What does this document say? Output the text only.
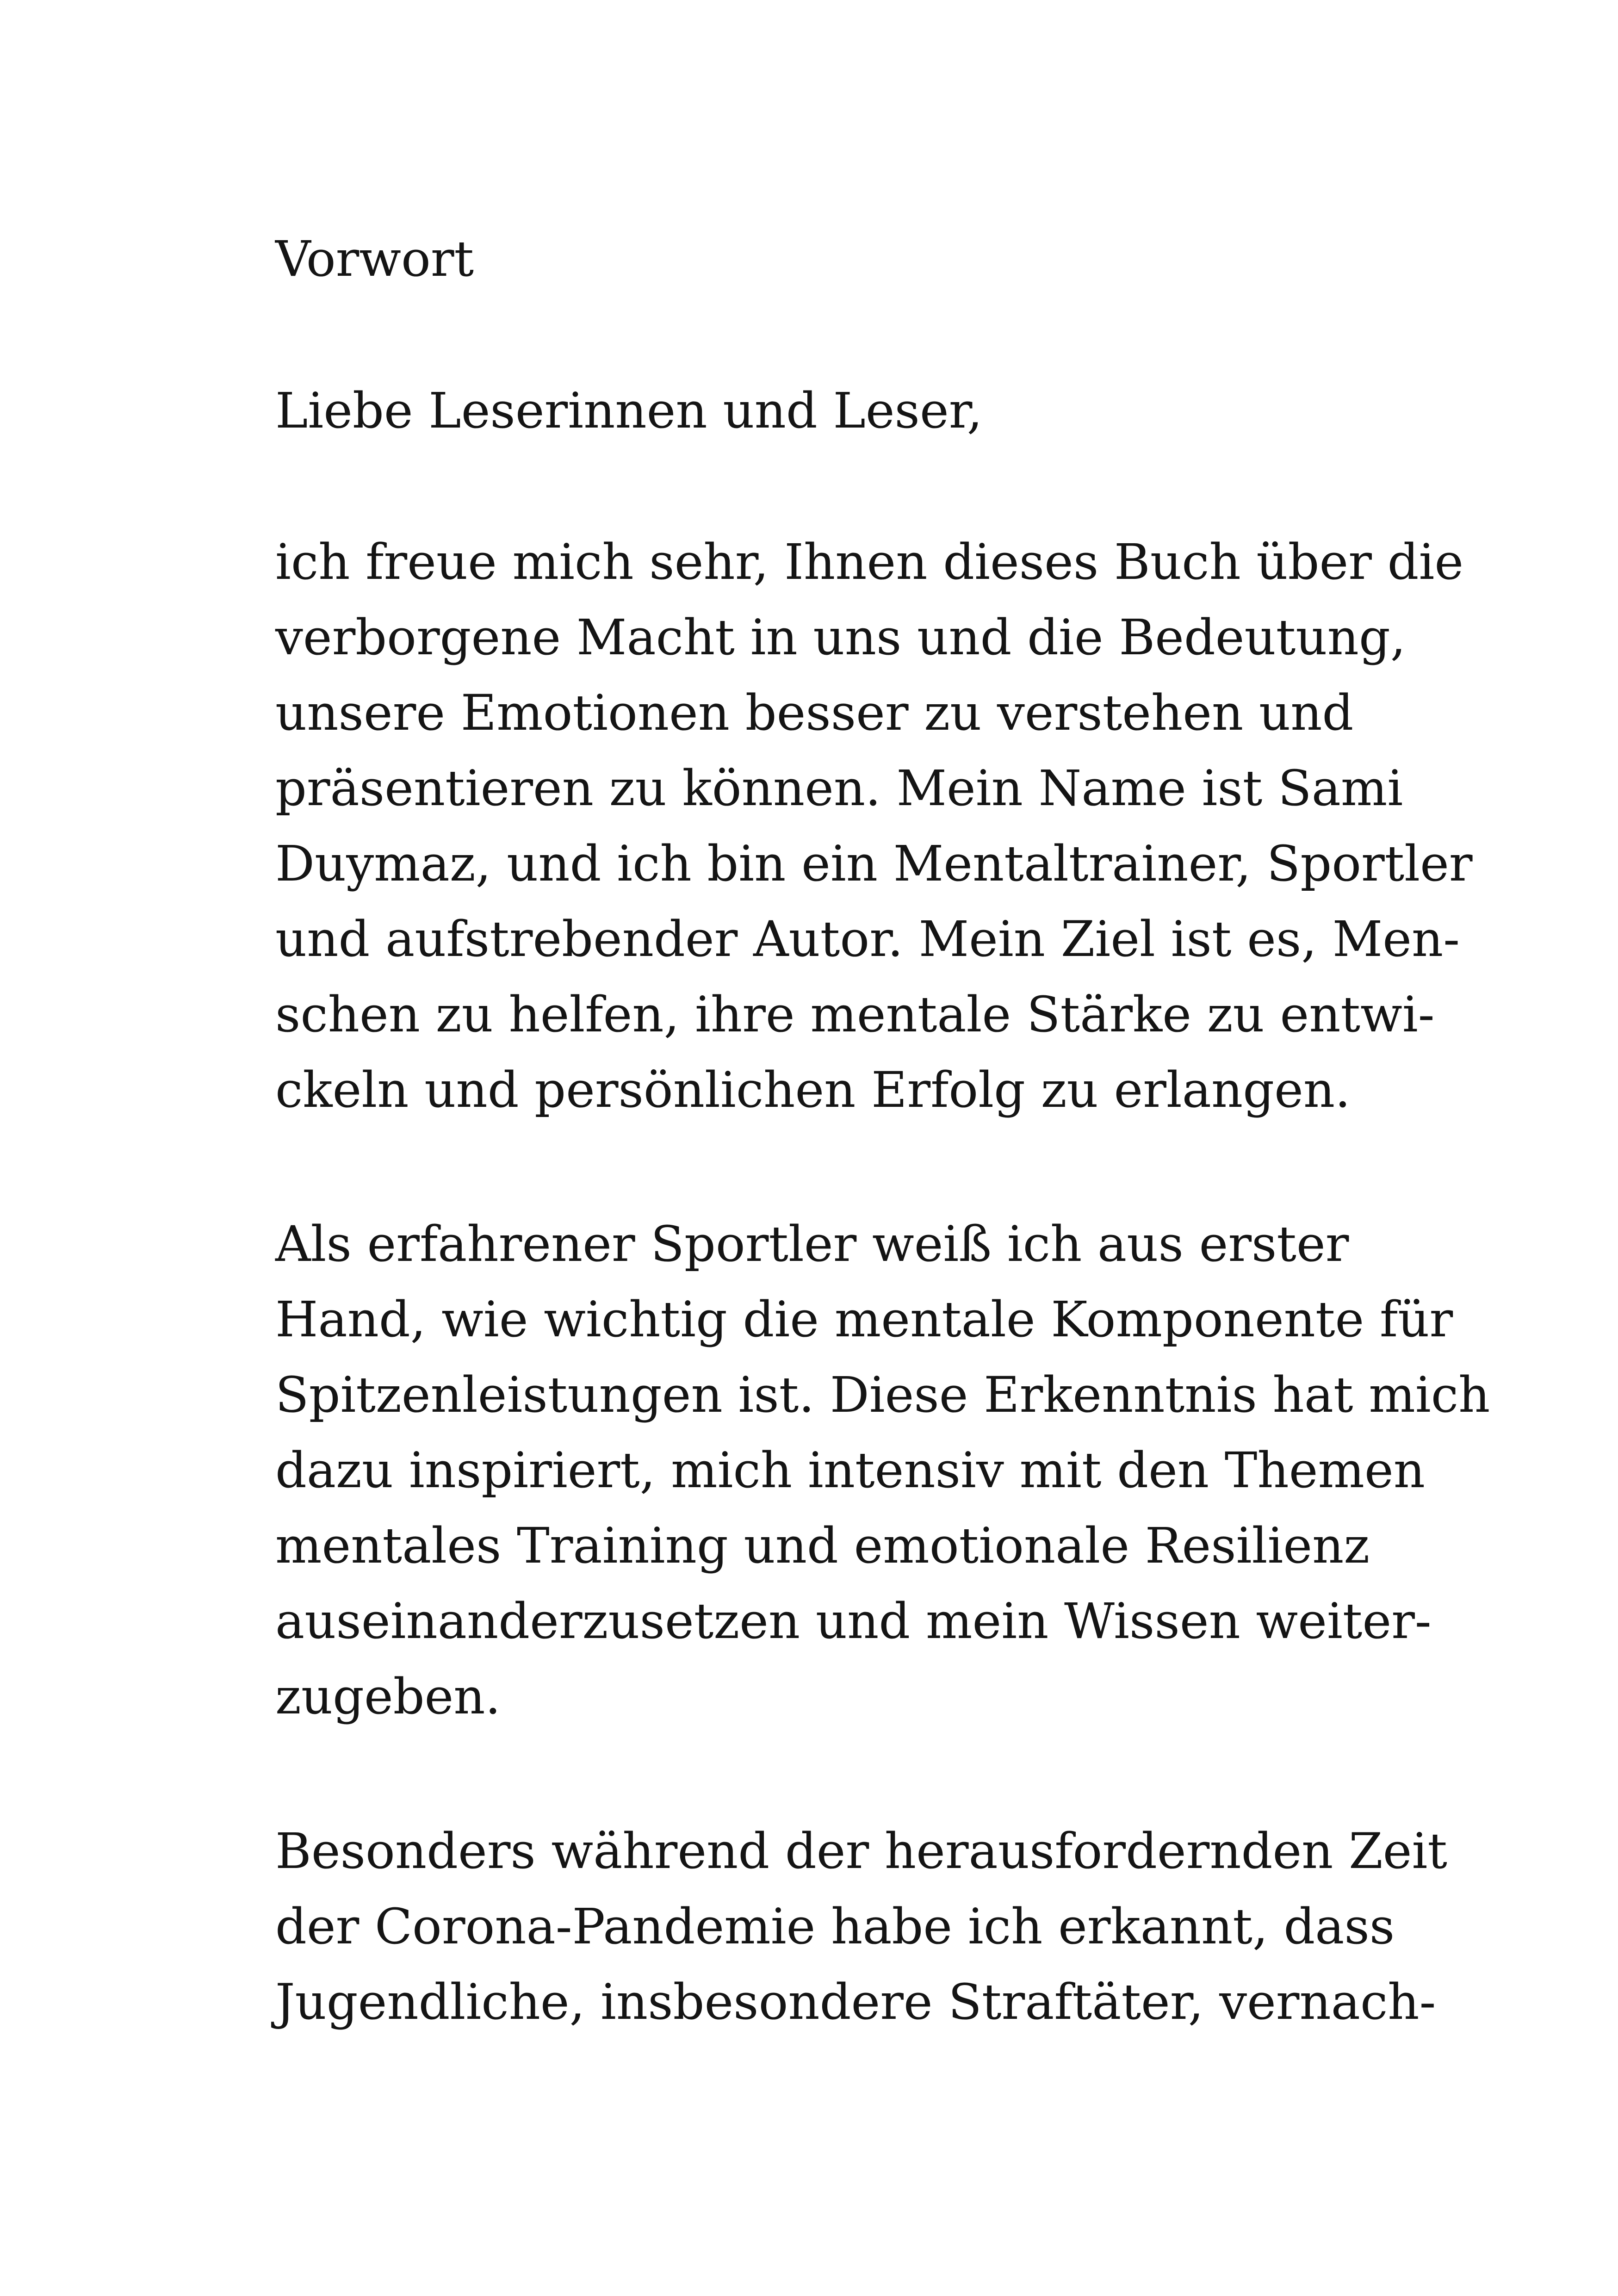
Vorwort

Liebe Leserinnen und Leser,

ich freue mich sehr, Ihnen dieses Buch über die
verborgene Macht in uns und die Bedeutung,
unsere Emotionen besser zu verstehen und
präsentieren zu können. Mein Name ist Sami
Duymaz, und ich bin ein Mentaltrainer, Sportler
und aufstrebender Autor. Mein Ziel ist es, Men-
schen zu helfen, ihre mentale Stärke zu entwi-
ckeln und persönlichen Erfolg zu erlangen.
Als erfahrener Sportler weiß ich aus erster
Hand, wie wichtig die mentale Komponente für
Spitzenleistungen ist. Diese Erkenntnis hat mich
dazu inspiriert, mich intensiv mit den Themen
mentales Training und emotionale Resilienz
auseinanderzusetzen und mein Wissen weiter-
zugeben.
Besonders während der herausfordernden Zeit
der Corona-Pandemie habe ich erkannt, dass
Jugendliche, insbesondere Straftäter, vernach-
